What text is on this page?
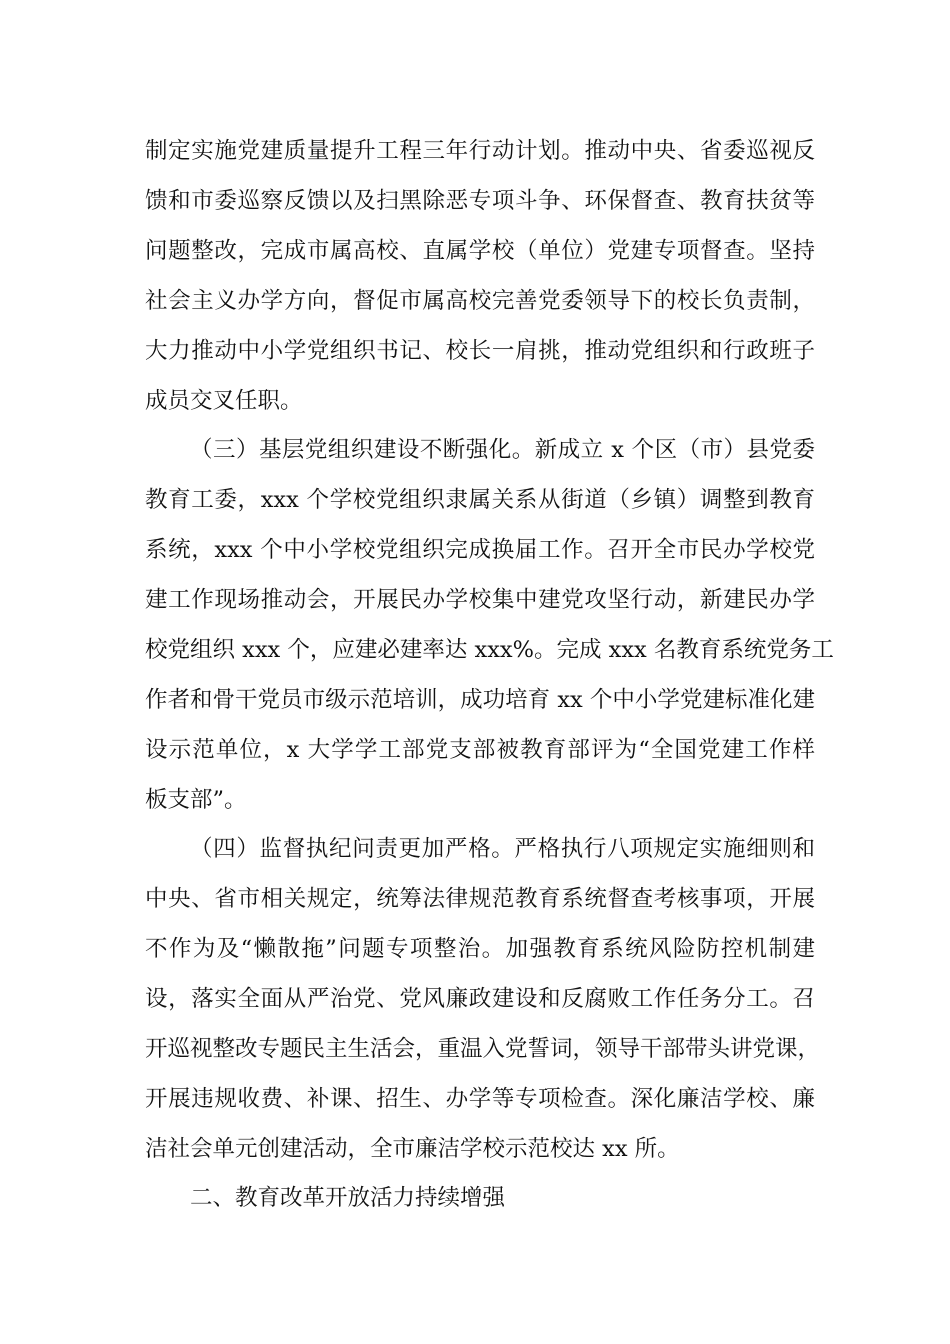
制定实施党建质量提升工程三年行动计划。推动中央、省委巡视反
馈和市委巡察反馈以及扫黑除恶专项斗争、环保督查、教育扶贫等
问题整改，完成市属高校、直属学校（单位）党建专项督查。坚持
社会主义办学方向，督促市属高校完善党委领导下的校长负责制，
大力推动中小学党组织书记、校长一肩挑，推动党组织和行政班子
成员交叉任职。
（三）基层党组织建设不断强化。新成立 x 个区（市）县党委
教育工委，xxx 个学校党组织隶属关系从街道（乡镇）调整到教育
系统，xxx 个中小学校党组织完成换届工作。召开全市民办学校党
建工作现场推动会，开展民办学校集中建党攻坚行动，新建民办学
校党组织 xxx 个，应建必建率达 xxx%。完成 xxx 名教育系统党务工
作者和骨干党员市级示范培训，成功培育 xx 个中小学党建标准化建
设示范单位，x 大学学工部党支部被教育部评为“全国党建工作样
板支部”。
（四）监督执纪问责更加严格。严格执行八项规定实施细则和
中央、省市相关规定，统筹法律规范教育系统督查考核事项，开展
不作为及“懒散拖”问题专项整治。加强教育系统风险防控机制建
设，落实全面从严治党、党风廉政建设和反腐败工作任务分工。召
开巡视整改专题民主生活会，重温入党誓词，领导干部带头讲党课，
开展违规收费、补课、招生、办学等专项检查。深化廉洁学校、廉
洁社会单元创建活动，全市廉洁学校示范校达 xx 所。
二、教育改革开放活力持续增强
